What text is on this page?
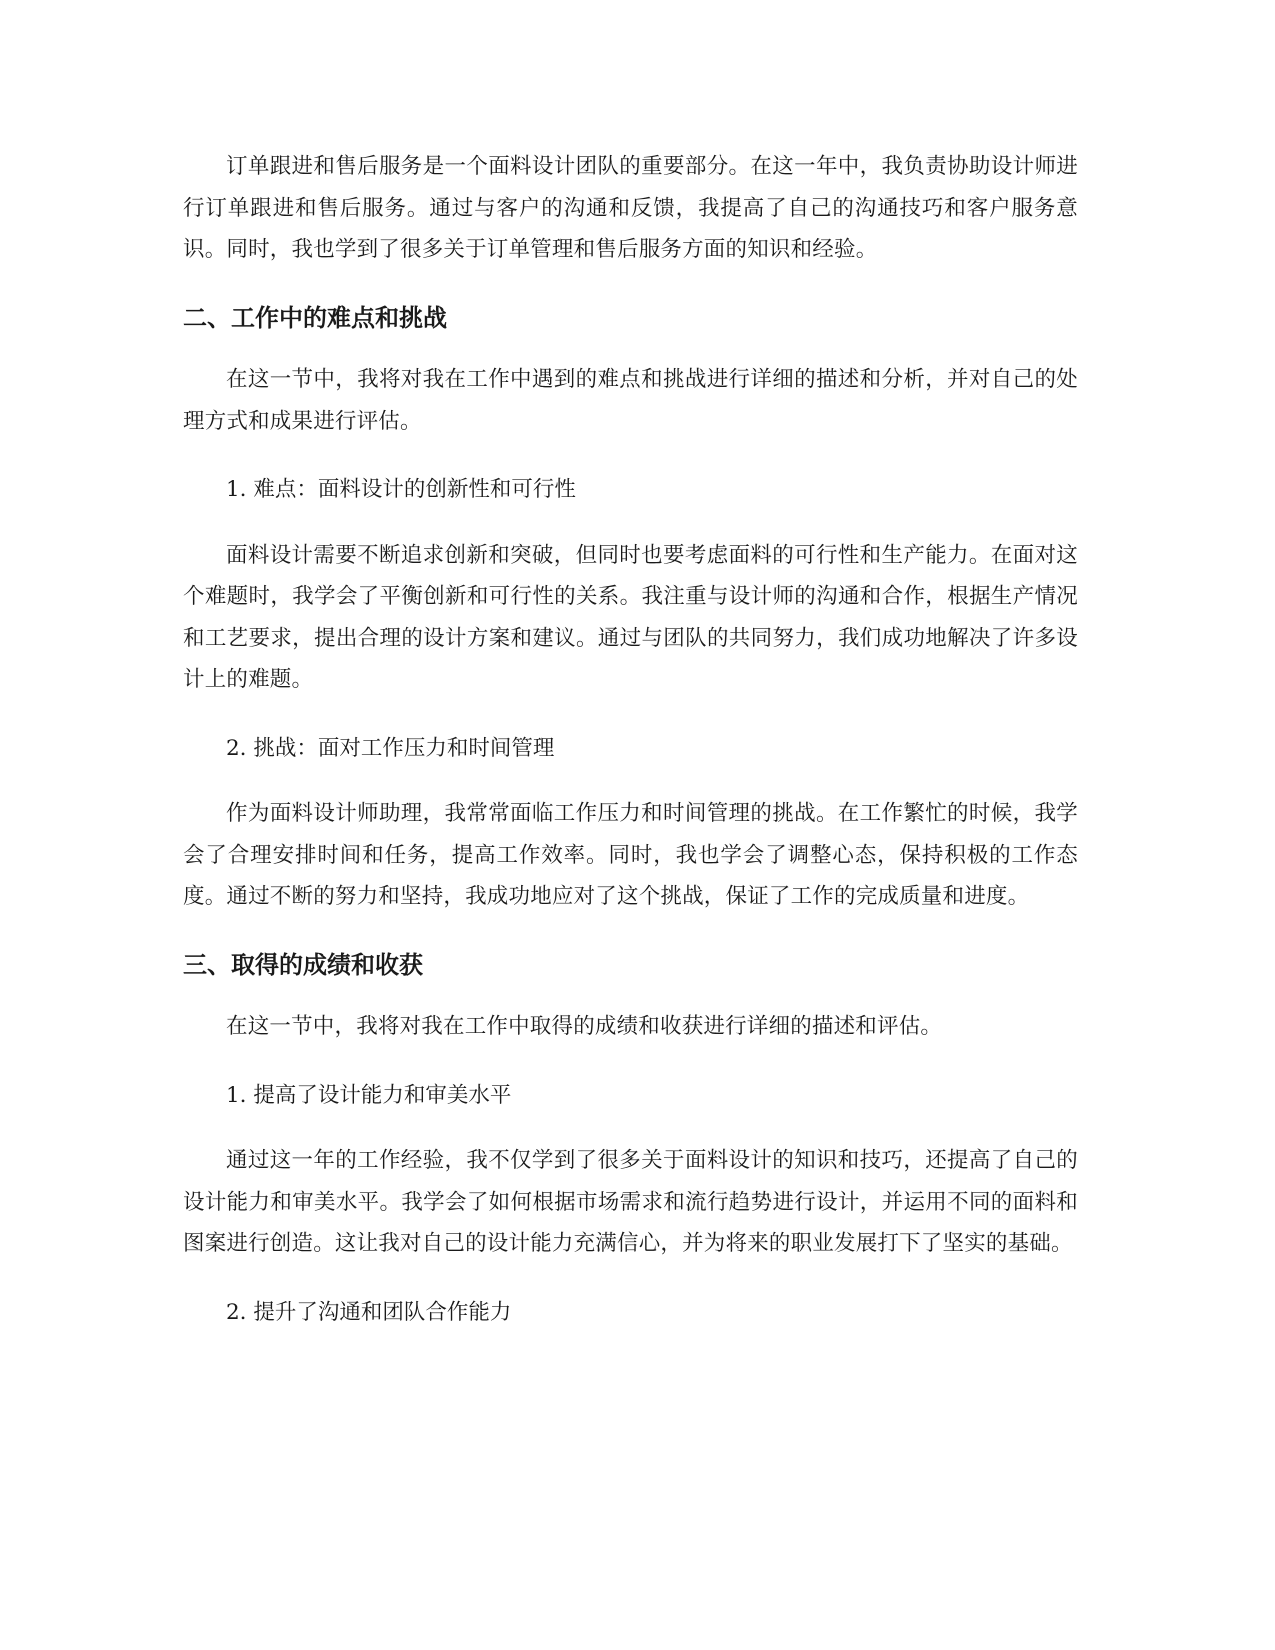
订单跟进和售后服务是一个面料设计团队的重要部分。在这一年中，我负责协助设计师进行订单跟进和售后服务。通过与客户的沟通和反馈，我提高了自己的沟通技巧和客户服务意识。同时，我也学到了很多关于订单管理和售后服务方面的知识和经验。

二、工作中的难点和挑战

在这一节中，我将对我在工作中遇到的难点和挑战进行详细的描述和分析，并对自己的处理方式和成果进行评估。

1. 难点：面料设计的创新性和可行性

面料设计需要不断追求创新和突破，但同时也要考虑面料的可行性和生产能力。在面对这个难题时，我学会了平衡创新和可行性的关系。我注重与设计师的沟通和合作，根据生产情况和工艺要求，提出合理的设计方案和建议。通过与团队的共同努力，我们成功地解决了许多设计上的难题。

2. 挑战：面对工作压力和时间管理

作为面料设计师助理，我常常面临工作压力和时间管理的挑战。在工作繁忙的时候，我学会了合理安排时间和任务，提高工作效率。同时，我也学会了调整心态，保持积极的工作态度。通过不断的努力和坚持，我成功地应对了这个挑战，保证了工作的完成质量和进度。

三、取得的成绩和收获

在这一节中，我将对我在工作中取得的成绩和收获进行详细的描述和评估。

1. 提高了设计能力和审美水平

通过这一年的工作经验，我不仅学到了很多关于面料设计的知识和技巧，还提高了自己的设计能力和审美水平。我学会了如何根据市场需求和流行趋势进行设计，并运用不同的面料和图案进行创造。这让我对自己的设计能力充满信心，并为将来的职业发展打下了坚实的基础。

2. 提升了沟通和团队合作能力
